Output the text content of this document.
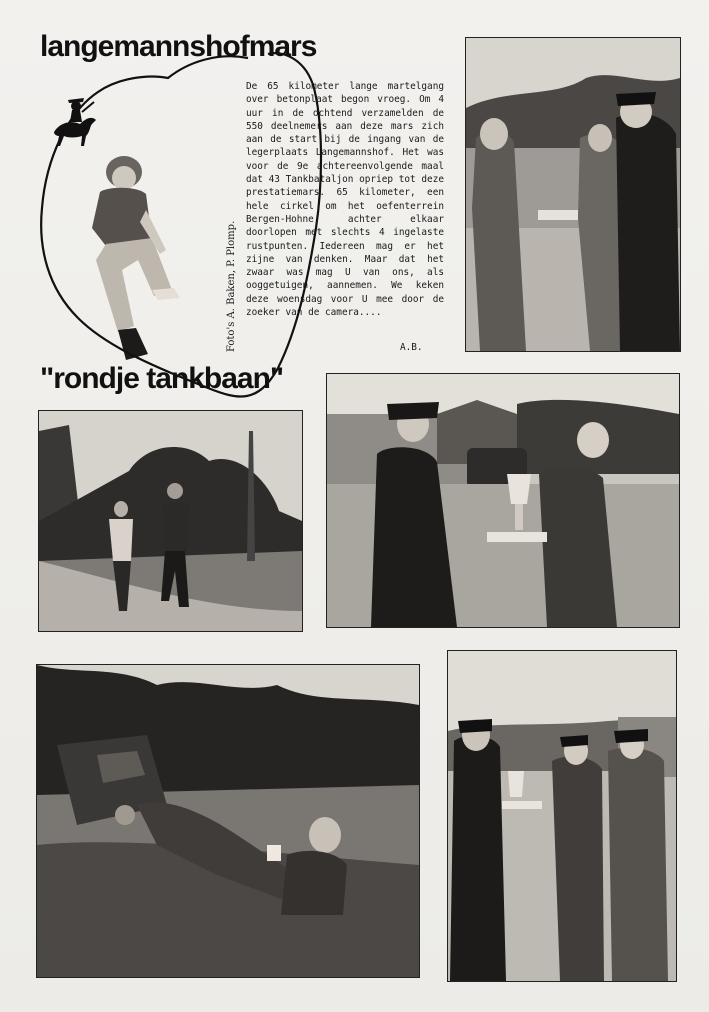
langemannshofmars

De 65 kilometer lange martelgang over betonplaat begon vroeg. Om 4 uur in de ochtend verzamelden de 550 deelnemers aan deze mars zich aan de start bij de ingang van de legerplaats Langemannshof. Het was voor de 9e achtereenvolgende maal dat 43 Tankbataljon opriep tot deze prestatiemars. 65 kilometer, een hele cirkel om het oefenterrein Bergen-Hohne, achter elkaar doorlopen met slechts 4 ingelaste rustpunten. Iedereen mag er het zijne van denken. Maar dat het zwaar was mag U van ons, als ooggetuigen, aannemen. We keken deze woensdag voor U mee door de zoeker van de camera....

A.B.
Foto's A. Baken, P. Plomp.
"rondje tankbaan"
